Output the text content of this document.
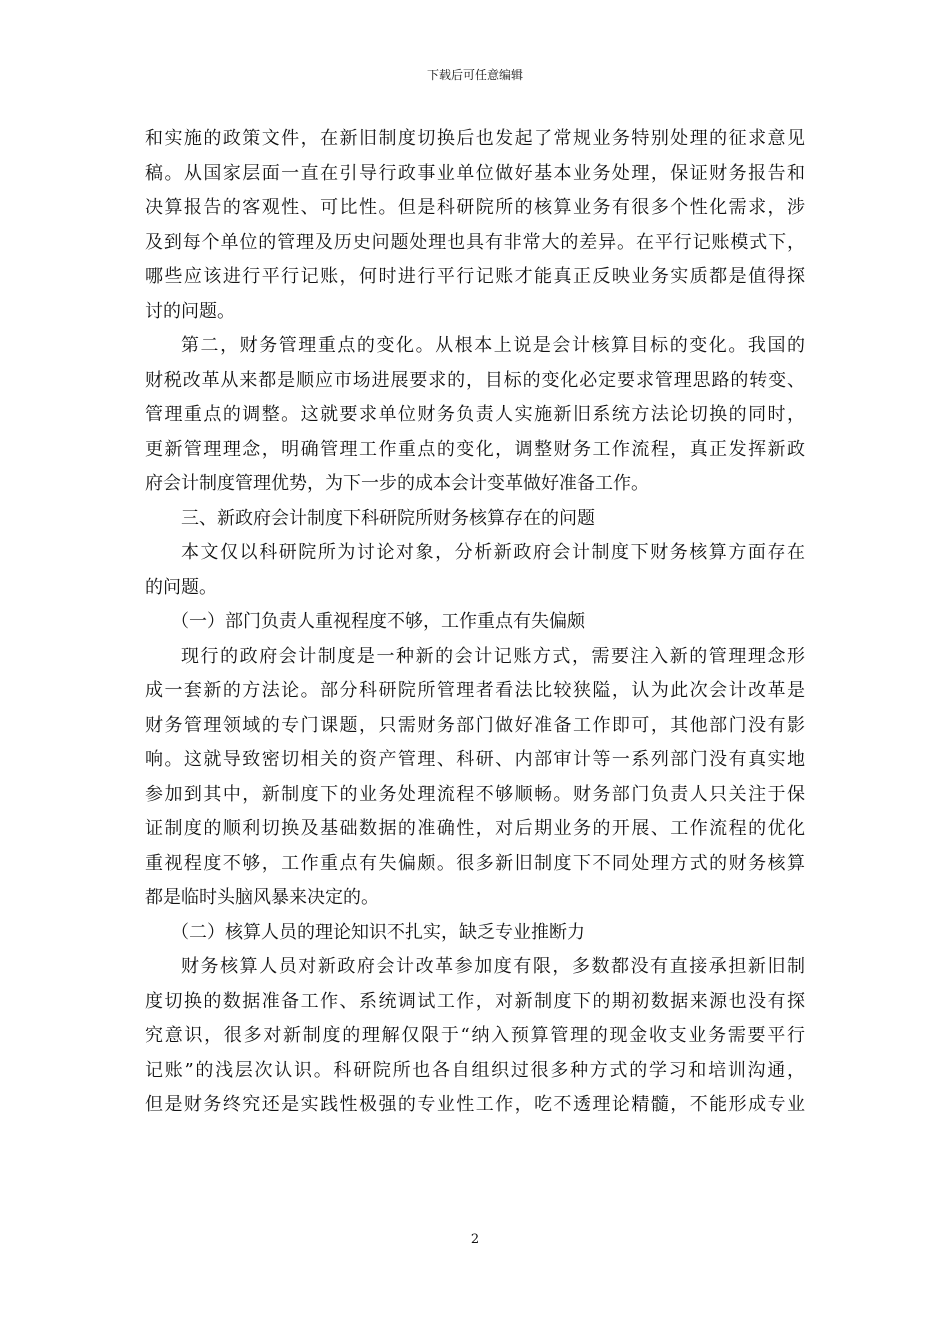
下载后可任意编辑
和实施的政策文件，在新旧制度切换后也发起了常规业务特别处理的征求意见
稿。从国家层面一直在引导行政事业单位做好基本业务处理，保证财务报告和
决算报告的客观性、可比性。但是科研院所的核算业务有很多个性化需求，涉
及到每个单位的管理及历史问题处理也具有非常大的差异。在平行记账模式下，
哪些应该进行平行记账，何时进行平行记账才能真正反映业务实质都是值得探
讨的问题。
第二，财务管理重点的变化。从根本上说是会计核算目标的变化。我国的
财税改革从来都是顺应市场进展要求的，目标的变化必定要求管理思路的转变、
管理重点的调整。这就要求单位财务负责人实施新旧系统方法论切换的同时，
更新管理理念，明确管理工作重点的变化，调整财务工作流程，真正发挥新政
府会计制度管理优势，为下一步的成本会计变革做好准备工作。
三、新政府会计制度下科研院所财务核算存在的问题
本文仅以科研院所为讨论对象，分析新政府会计制度下财务核算方面存在
的问题。
（一）部门负责人重视程度不够，工作重点有失偏颇
现行的政府会计制度是一种新的会计记账方式，需要注入新的管理理念形
成一套新的方法论。部分科研院所管理者看法比较狭隘，认为此次会计改革是
财务管理领域的专门课题，只需财务部门做好准备工作即可，其他部门没有影
响。这就导致密切相关的资产管理、科研、内部审计等一系列部门没有真实地
参加到其中，新制度下的业务处理流程不够顺畅。财务部门负责人只关注于保
证制度的顺利切换及基础数据的准确性，对后期业务的开展、工作流程的优化
重视程度不够，工作重点有失偏颇。很多新旧制度下不同处理方式的财务核算
都是临时头脑风暴来决定的。
（二）核算人员的理论知识不扎实，缺乏专业推断力
财务核算人员对新政府会计改革参加度有限，多数都没有直接承担新旧制
度切换的数据准备工作、系统调试工作，对新制度下的期初数据来源也没有探
究意识，很多对新制度的理解仅限于“纳入预算管理的现金收支业务需要平行
记账”的浅层次认识。科研院所也各自组织过很多种方式的学习和培训沟通，
但是财务终究还是实践性极强的专业性工作，吃不透理论精髓，不能形成专业
2
